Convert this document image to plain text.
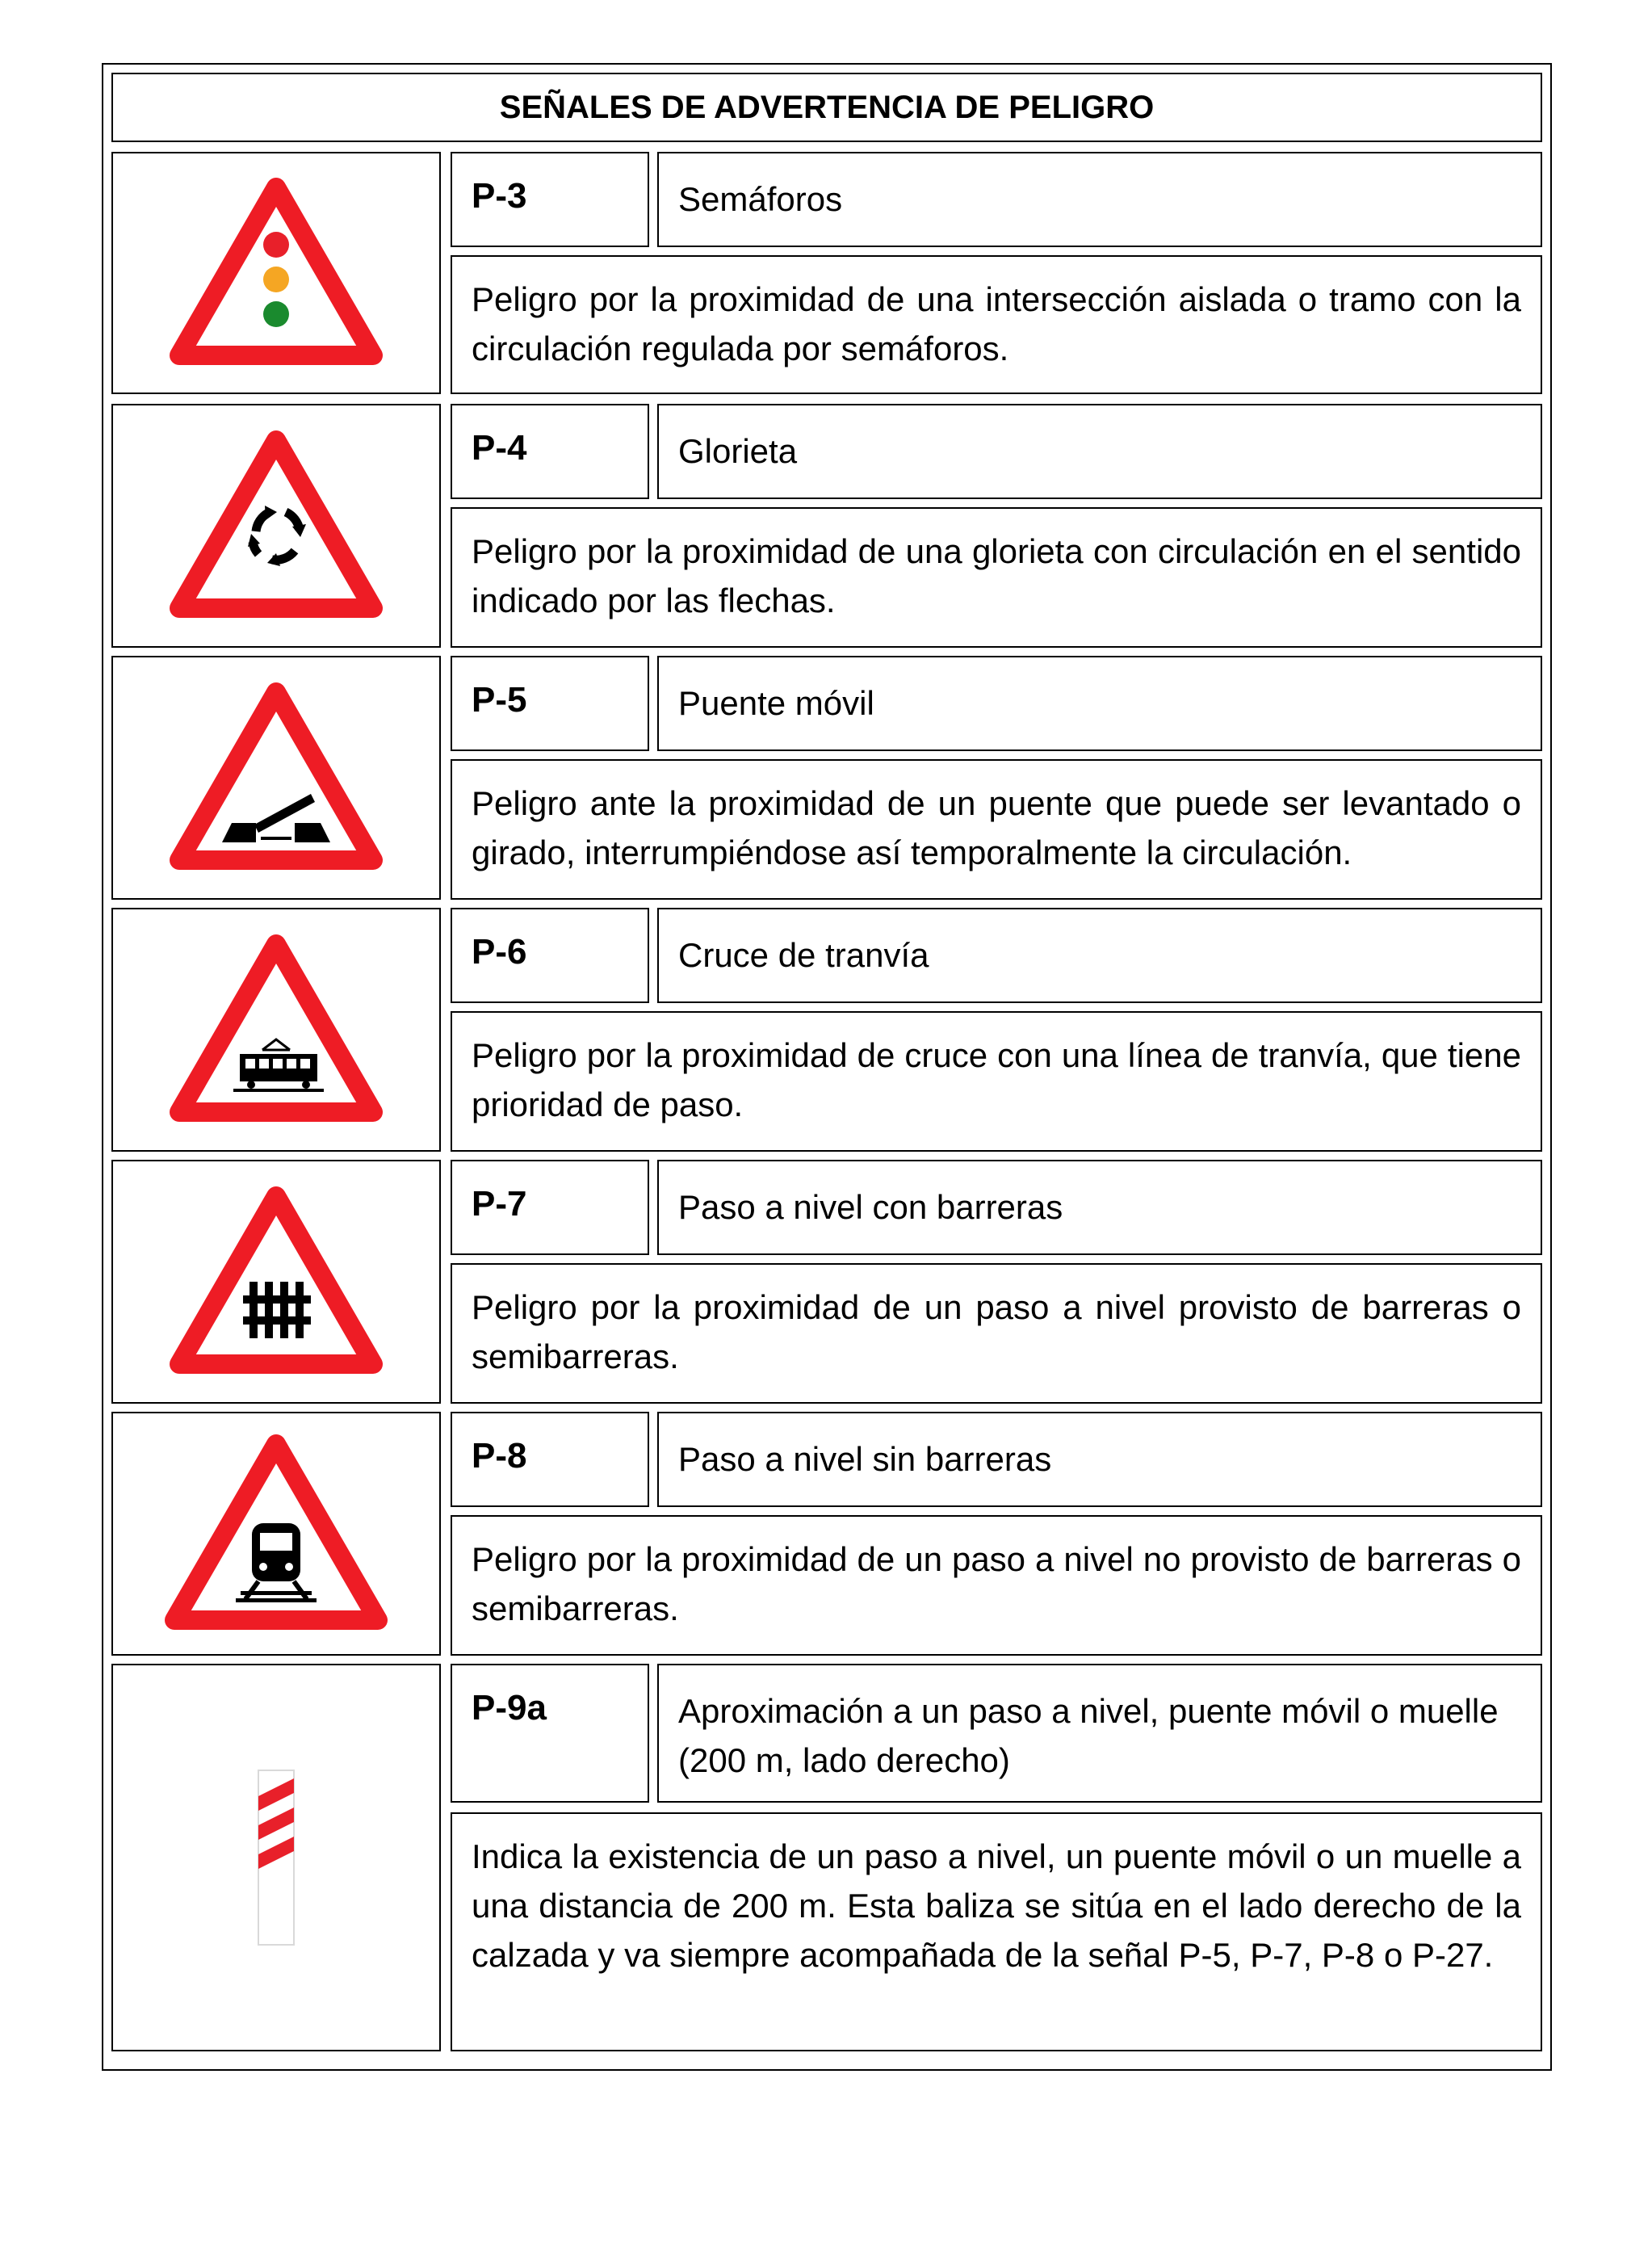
SEÑALES DE ADVERTENCIA DE PELIGRO
P-3	Semáforos
Peligro por la proximidad de una intersección aislada o tramo con la circulación regulada por semáforos.
P-4	Glorieta
Peligro por la proximidad de una glorieta con circulación en el sentido indicado por las flechas.
P-5	Puente móvil
Peligro ante la proximidad de un puente que puede ser levantado o girado, interrumpiéndose así temporalmente la circulación.
P-6	Cruce de tranvía
Peligro por la proximidad de cruce con una línea de tranvía, que tiene prioridad de paso.
P-7	Paso a nivel con barreras
Peligro por la proximidad de un paso a nivel provisto de barreras o semibarreras.
P-8	Paso a nivel sin barreras
Peligro por la proximidad de un paso a nivel no provisto de barreras o semibarreras.
P-9a	Aproximación a un paso a nivel, puente móvil o muelle (200 m, lado derecho)
Indica la existencia de un paso a nivel, un puente móvil o un muelle a una distancia de 200 m. Esta baliza se sitúa en el lado derecho de la calzada y va siempre acompañada de la señal P-5, P-7, P-8 o P-27.
